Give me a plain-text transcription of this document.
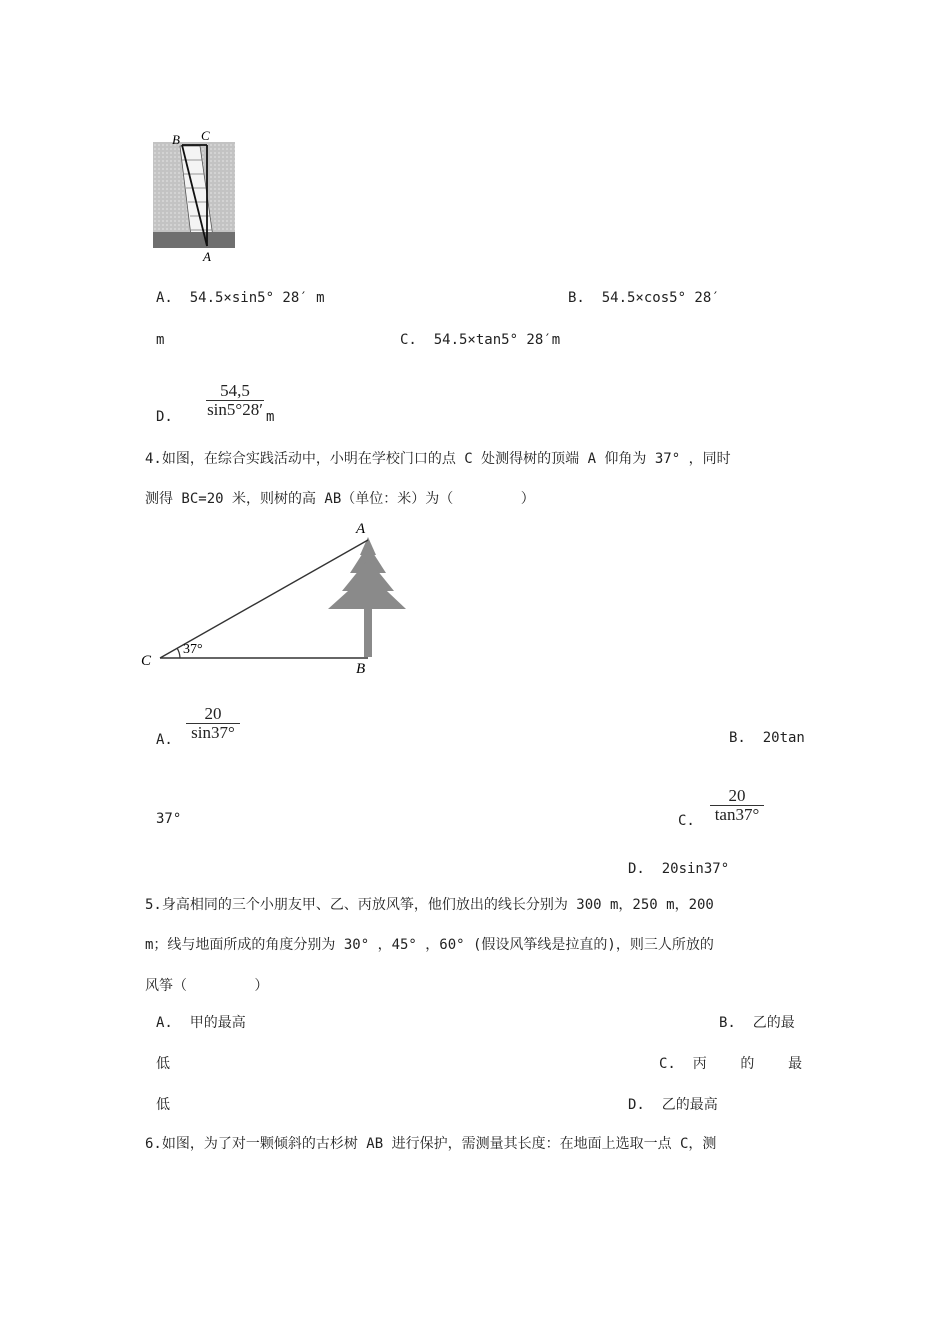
B C
A
A.  54.5×sin5° 28′ m	B.  54.5×cos5° 28′
m	C.  54.5×tan5° 28′m
D.
54,5
sin5°28′ m
4.如图，在综合实践活动中，小明在学校门口的点 C 处测得树的顶端 A 仰角为 37° ，同时
测得 BC=20 米，则树的高 AB（单位：米）为（        ）
A
B
C
37°
A.
20
sin37°	B.  20tan
37°	C.
20
tan37°
D.  20sin37°
5.身高相同的三个小朋友甲、乙、丙放风筝，他们放出的线长分别为 300 m，250 m，200
m；线与地面所成的角度分别为 30° ，45° ，60° (假设风筝线是拉直的)，则三人所放的
风筝（        ）
A.  甲的最高	B.  乙的最
低	C.  丙    的    最
低	D.  乙的最高
6.如图，为了对一颗倾斜的古杉树 AB 进行保护，需测量其长度：在地面上选取一点 C，测
